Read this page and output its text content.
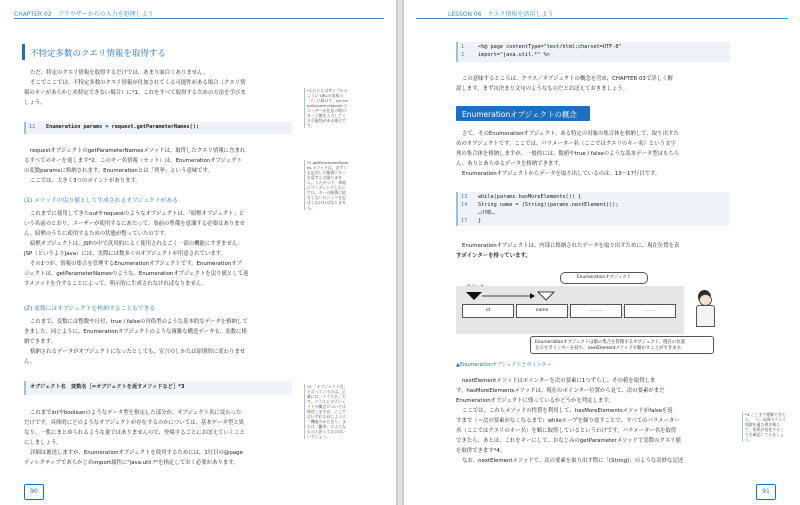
CHAPTER 02　ブラウザーからの入力を処理しよう
不特定多数のクエリ情報を取得する
ただ、特定のクエリ情報を取得するだけでは、あまり面白くありません。
そこでここでは、不特定多数のクエリ情報が付加されてくる可能性がある場合（クエリ情
報のキーがあらかじめ特定できない場合）に*1、これをすべて取得するための方法を学びま
しょう。
12 Enumeration params = request.getParameterNames();
requestオブジェクトのgetParameterNamesメソッドは、取得したクエリ情報に含まれ
るすべてのキーを返します*2。このキー名情報（セット）は、Enumerationオブジェクト
の変数paramsに格納されます。Enumerationとは「列挙」という意味です。
ここでは、大きく3つのポイントがあります。
(1) メソッドの戻り値として生成されるオブジェクトがある
これまでに使用してきたoutやrequestのようなオブジェクトは、「暗黙オブジェクト」と
いう名前のとおり、ユーザーが使用するにあたって、事前の準備を意識する必要はありませ
ん。暗黙のうちに使用するための状態が整っていたのです。
暗黙オブジェクトは、JSPの中で汎用的によく使用されるごく一部の機能にすぎません。
JSP（というよりJava）には、実際には数多くのオブジェクトが用意されています。
その1つが、情報の集合を管理するEnumerationオブジェクトです。Enumerationオブ
ジェクトは、getParameterNamesのような、Enumerationオブジェクトを戻り値として返
すメソッドを介することによって、明示的に生成されなければなりません。
(2) 変数にはオブジェクトを格納することもできる
これまで、変数には整数や日付、true / falseの真偽型のような基本的なデータを格納して
きました。同じように、Enumerationオブジェクトのような複雑な構造データも、変数に格
納できます。
格納されるデータがオブジェクトになったとしても、宣言のしかたは原則的に変わりませ
ん。
オブジェクト名　変数名［=オブジェクトを返すメソッドなど］*3
これまでintやbooleanのようなデータ型を指定した部分が、オブジェクト名に変わった
だけです。具体的にどのようなオブジェクトが存在するのかについては、基本データ型と異
なり、一覧にまとめられるような量ではありませんので、登場するごとにおぼえていくこと
にしましょう。
詳細は後述しますが、Enumerationオブジェクトを使用するためには、1行目の@page
ディレクティブであらかじめimport属性に"java.util.*"を指定しておく必要があります。
*1 たとえばサンプルのように URLの末尾の「?」に続けて、id=nami&name=tokaye と ユーザーが任意の数のキーと値を入力してくる可能性がある場合です。
*2 getParameterNames メソッドは、必ずしも記述した順番にキーを返すとは限りません。したがって、単純にコーディングしたいでは、キーの順番に依存しないロジックを記述しなければなりません。
*3 「オブジェクト名」と言っているのは、正確には「クラス名」です。クラスとオブジェクトの概念については後述しますが、ここではいずれも同じように「機能のかたまり」または「雛形」のようなものと思っておけばいいでしょう。
90
LESSON 06　クエリ情報を活用しよう
1	<%@ page contentType="text/html;charset=UTF-8"
2	import="java.util.*" %>
この意味するところは、クラス／オブジェクトの概念を含め、CHAPTER 03で詳しく解
説します。まずは決まり文句のようなものだとおぼえておきましょう。
Enumerationオブジェクトの概念
さて、そのEnumerationオブジェクト、ある特定の対象の集合体を格納して、取り出すた
めのオブジェクトです。ここでは、パラメーター名（ここではクエリのキー名）という文字
列の集合体を格納しますが、一般的には、数値やtrue / falseのような基本データ型はもちろ
ん、ありとあらゆるデータを格納できます。
Enumerationオブジェクトからデータを取り出しているのは、13～17行目です。
13 while(params.hasMoreElements()) {
14 String name = (String)(params.nextElement());
…中略…
17 }
Enumerationオブジェクトは、内部に格納されたデータを取り出すために、現在位置を表
すポインターを持っています。
Enumerationオブジェクト
id	name	………	………
Enumerationオブジェクトは値の集合を管理するオブジェクト。現在の位置
を示すポインターを持ち、nextElementメソッドで動かすことができます。
▲Enumerationオブジェクトとポインター
nextElementメソッドはポインターを次の要素に1つずらし、その値を取得しま
す。hasMoreElementsメソッドは、現在のポインター位置から見て、次の要素がまだ
Enumerationオブジェクトに残っているかどうかを判定します。
ここでは、これらメソッドの性質を利用して、hasMoreElementsメソッドがfalseを返
すまで（＝次の要素がなくなるまで）whileループを繰り返すことで、すべてのパラメーター
名（ここではクエリのキー名）を順に取得しているというわけです。パラメーター名を取得
できたら、あとは、これをキーにして、おなじみのgetParameterメソッドで実際のクエリ値
を取得できます*4。
なお、nextElementメソッドで、次の要素を取り出す際に「(String)」のような奇妙な記述
*4 ここまで理解できたら、「?」以降のクエリ情報を適当書き換えて、結果が変化することを確認してみましょう。
91
